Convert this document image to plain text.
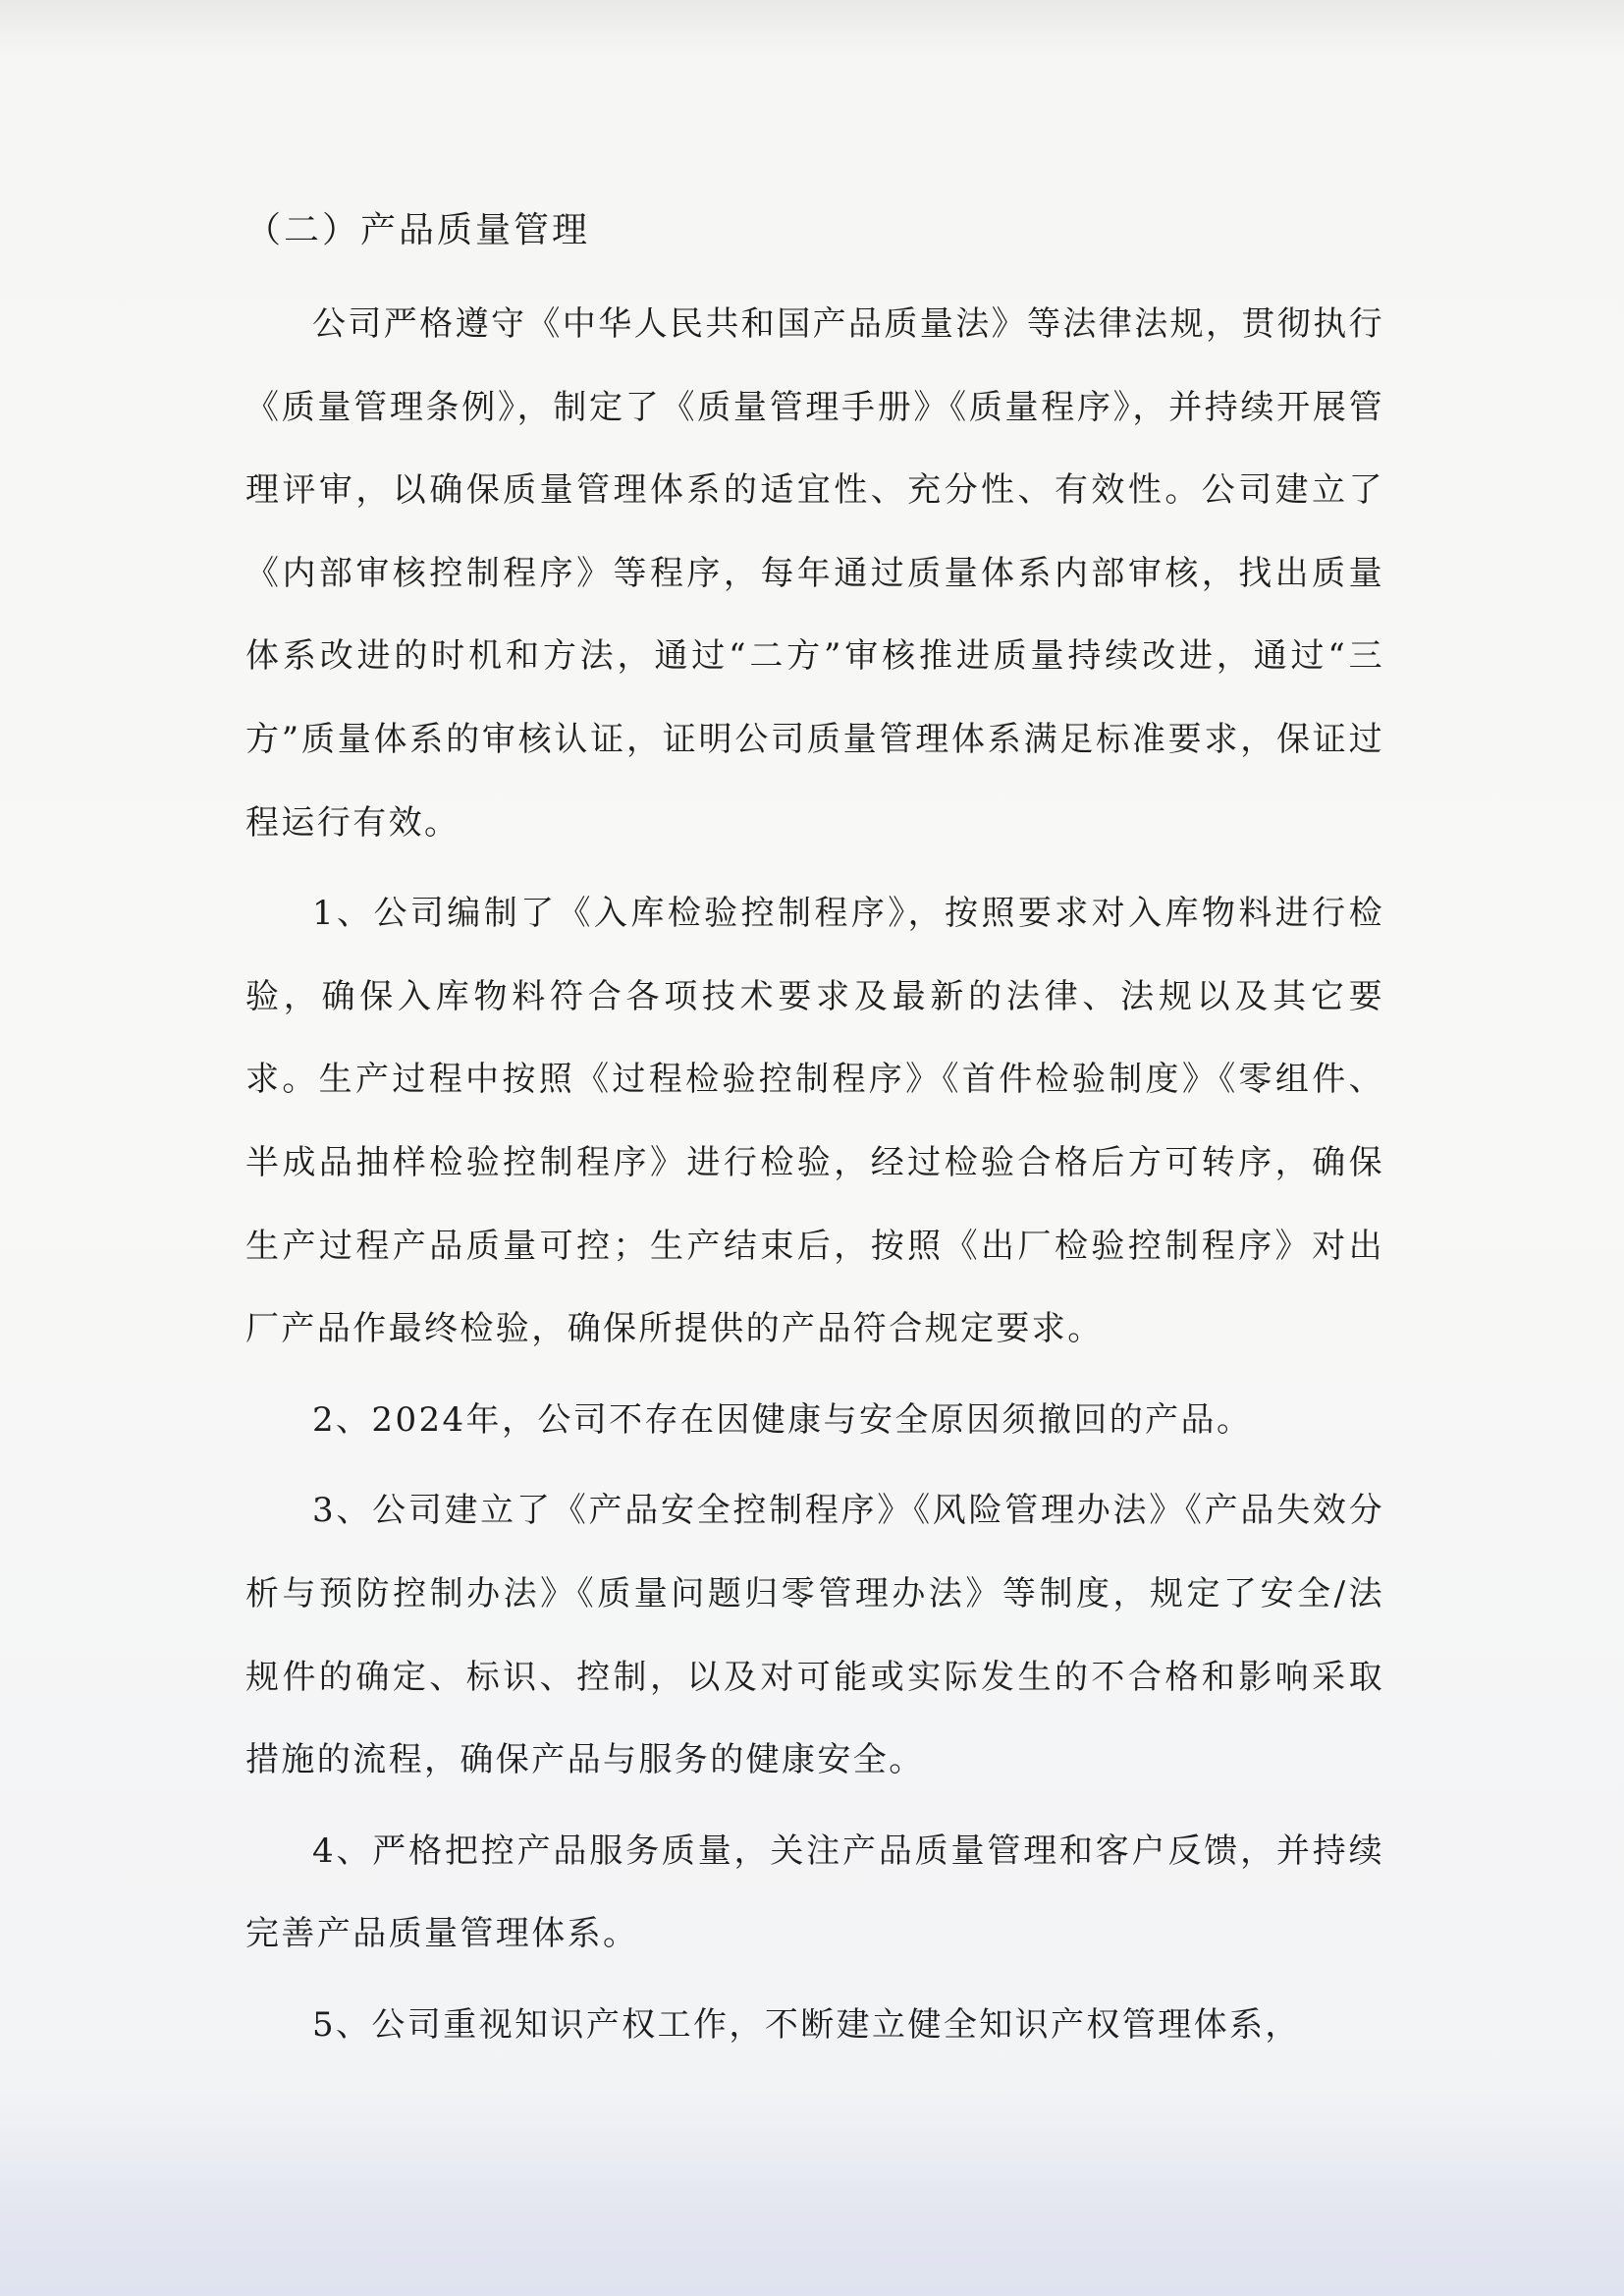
（二）产品质量管理

公司严格遵守《中华人民共和国产品质量法》等法律法规，贯彻执行《质量管理条例》，制定了《质量管理手册》《质量程序》，并持续开展管理评审，以确保质量管理体系的适宜性、充分性、有效性。公司建立了《内部审核控制程序》等程序，每年通过质量体系内部审核，找出质量体系改进的时机和方法，通过“二方”审核推进质量持续改进，通过“三方”质量体系的审核认证，证明公司质量管理体系满足标准要求，保证过程运行有效。

1、公司编制了《入库检验控制程序》，按照要求对入库物料进行检验，确保入库物料符合各项技术要求及最新的法律、法规以及其它要求。生产过程中按照《过程检验控制程序》《首件检验制度》《零组件、半成品抽样检验控制程序》进行检验，经过检验合格后方可转序，确保生产过程产品质量可控；生产结束后，按照《出厂检验控制程序》对出厂产品作最终检验，确保所提供的产品符合规定要求。

2、2024年，公司不存在因健康与安全原因须撤回的产品。

3、公司建立了《产品安全控制程序》《风险管理办法》《产品失效分析与预防控制办法》《质量问题归零管理办法》等制度，规定了安全/法规件的确定、标识、控制，以及对可能或实际发生的不合格和影响采取措施的流程，确保产品与服务的健康安全。

4、严格把控产品服务质量，关注产品质量管理和客户反馈，并持续完善产品质量管理体系。

5、公司重视知识产权工作，不断建立健全知识产权管理体系，
